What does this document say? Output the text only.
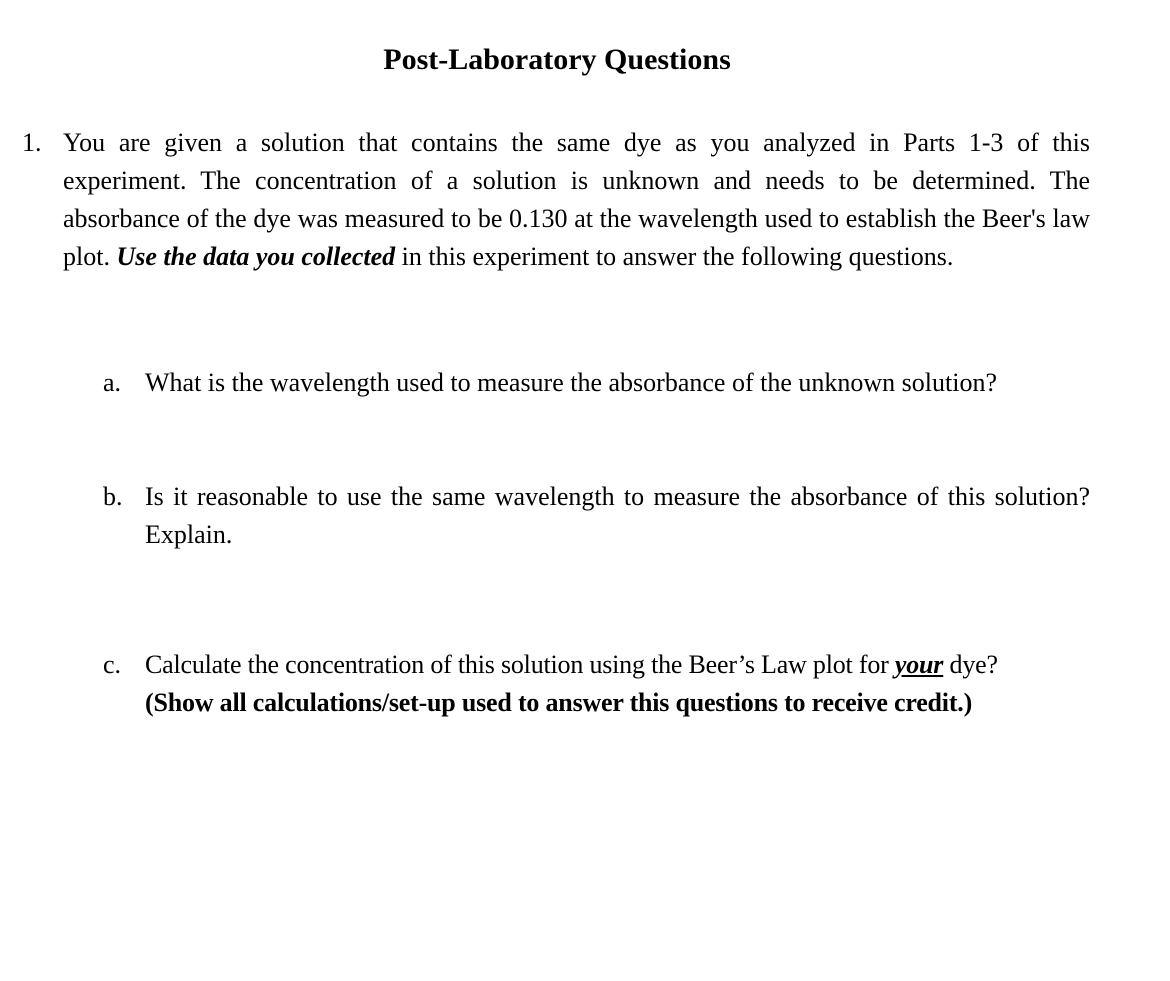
Post-Laboratory Questions
1. You are given a solution that contains the same dye as you analyzed in Parts 1-3 of this experiment. The concentration of a solution is unknown and needs to be determined. The absorbance of the dye was measured to be 0.130 at the wavelength used to establish the Beer's law plot. Use the data you collected in this experiment to answer the following questions.
a. What is the wavelength used to measure the absorbance of the unknown solution?
b. Is it reasonable to use the same wavelength to measure the absorbance of this solution? Explain.
c. Calculate the concentration of this solution using the Beer’s Law plot for your dye?
(Show all calculations/set-up used to answer this questions to receive credit.)
